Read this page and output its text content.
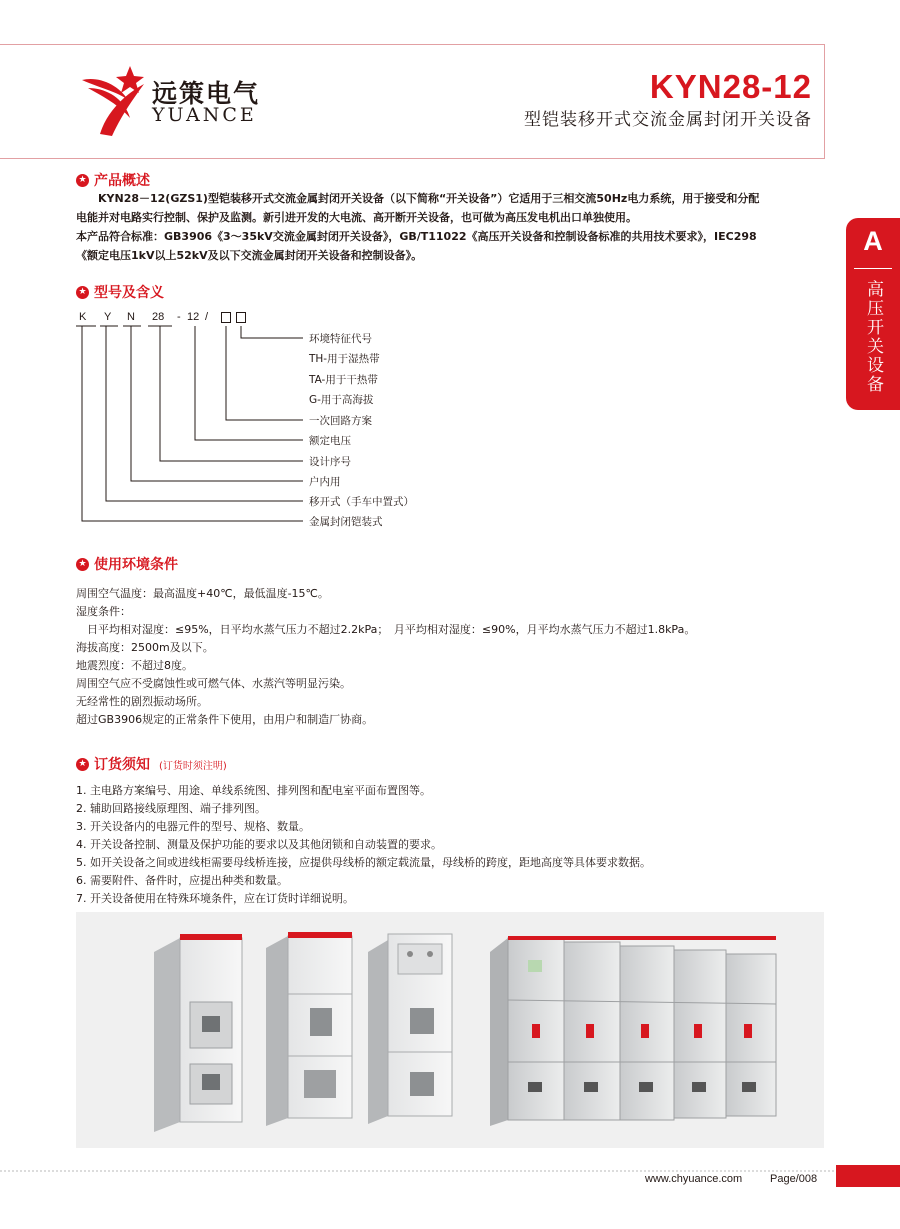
远策电气
YUANCE
KYN28-12
型铠装移开式交流金属封闭开关设备
A
高压开关设备
★ 产品概述

KYN28－12(GZS1)型铠装移开式交流金属封闭开关设备（以下简称“开关设备”）它适用于三相交流50Hz电力系统，用于接受和分配

电能并对电路实行控制、保护及监测。新引进开发的大电流、高开断开关设备，也可做为高压发电机出口单独使用。

本产品符合标准：GB3906《3～35kV交流金属封闭开关设备》，GB/T11022《高压开关设备和控制设备标准的共用技术要求》，IEC298

《额定电压1kV以上52kV及以下交流金属封闭开关设备和控制设备》。

★ 型号及含义
K Y N 28 - 12 /
环境特征代号
TH-用于湿热带
TA-用于干热带
G-用于高海拔
一次回路方案
额定电压
设计序号
户内用
移开式（手车中置式）
金属封闭铠装式
★ 使用环境条件

周围空气温度：最高温度+40℃，最低温度-15℃。

湿度条件：

　日平均相对湿度：≤95%，日平均水蒸气压力不超过2.2kPa；　月平均相对湿度：≤90%，月平均水蒸气压力不超过1.8kPa。

海拔高度：2500m及以下。

地震烈度：不超过8度。

周围空气应不受腐蚀性或可燃气体、水蒸汽等明显污染。

无经常性的剧烈振动场所。

超过GB3906规定的正常条件下使用，由用户和制造厂协商。

★ 订货须知 (订货时须注明)

1. 主电路方案编号、用途、单线系统图、排列图和配电室平面布置图等。

2. 辅助回路接线原理图、端子排列图。

3. 开关设备内的电器元件的型号、规格、数量。

4. 开关设备控制、测量及保护功能的要求以及其他闭锁和自动装置的要求。

5. 如开关设备之间或进线柜需要母线桥连接，应提供母线桥的额定载流量，母线桥的跨度，距地高度等具体要求数据。

6. 需要附件、备件时，应提出种类和数量。

7. 开关设备使用在特殊环境条件，应在订货时详细说明。

www.chyuance.com	Page/008
